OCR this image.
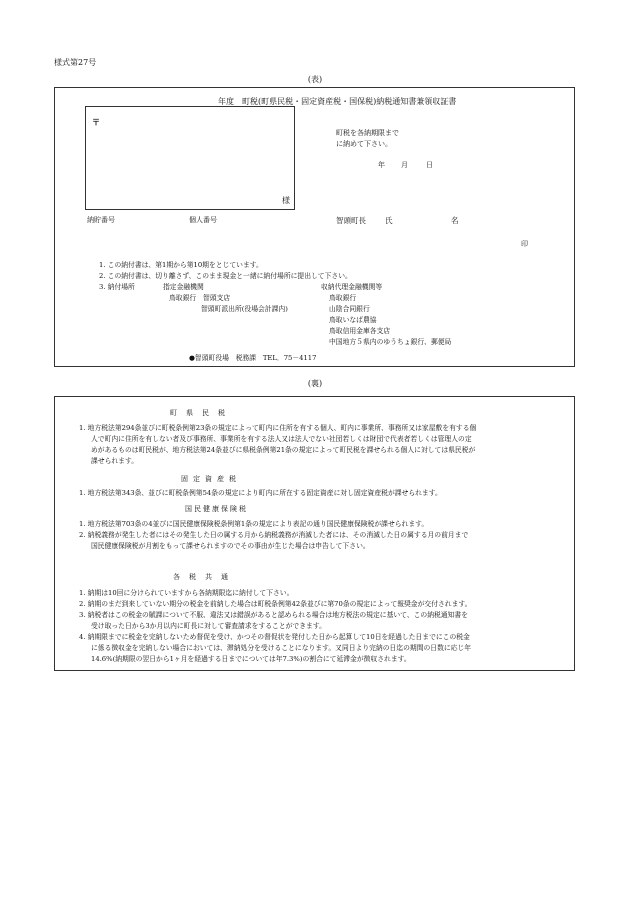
様式第27号
(表)
年度　町税(町県民税・固定資産税・国保税)納税通知書兼領収証書
〒
様
納貯番号	個人番号
町税を各納期限まで
に納めて下さい。
年 月	日
智頭町長	氏	名
印
1. この納付書は、第1期から第10期をとじています。
2. この納付書は、切り離さず、このまま現金と一緒に納付場所に提出して下さい。
3. 納付場所	指定金融機関
鳥取銀行　智頭支店
智頭町派出所(役場会計課内)
収納代理金融機関等
鳥取銀行
山陰合同銀行
鳥取いなば農協
鳥取信用金庫各支店
中国地方５県内のゆうちょ銀行、郵便局
●智頭町役場　税務課　TEL．75－4117
(裏)
町県民税
1. 地方税法第294条並びに町税条例第23条の規定によって町内に住所を有する個人、町内に事業所、事務所又は家屋敷を有する個
人で町内に住所を有しない者及び事務所、事業所を有する法人又は法人でない社団若しくは財団で代表者若しくは管理人の定
めがあるものは町民税が、地方税法第24条並びに県税条例第21条の規定によって町民税を課せられる個人に対しては県民税が
課せられます。
固定資産税
1. 地方税法第343条、並びに町税条例第54条の規定により町内に所在する固定資産に対し固定資産税が課せられます。
国民健康保険税
1. 地方税法第703条の4並びに国民健康保険税条例第1条の規定により表記の通り国民健康保険税が課せられます。
2. 納税義務が発生した者にはその発生した日の属する月から納税義務が消滅した者には、その消滅した日の属する月の前月まで
国民健康保険税が月割をもって課せられますのでその事由が生じた場合は申告して下さい。
各税共通
1. 納期は10回に分けられていますから各納期限迄に納付して下さい。
2. 納期のまだ到来していない期分の税金を前納した場合は町税条例第42条並びに第70条の規定によって報奨金が交付されます。
3. 納税者はこの税金の賦課について不服、違法又は錯誤があると認められる場合は地方税法の規定に基いて、この納税通知書を
受け取った日から3か月以内に町長に対して審査請求をすることができます。
4. 納期限までに税金を完納しないため督促を受け、かつその督促状を発付した日から起算して10日を経過した日までにこの税金
に係る徴収金を完納しない場合においては、滞納処分を受けることになります。又同日より完納の日迄の期間の日数に応じ年
14.6%(納期限の翌日から1ヶ月を経過する日までについては年7.3%)の割合にて延滞金が徴収されます。
